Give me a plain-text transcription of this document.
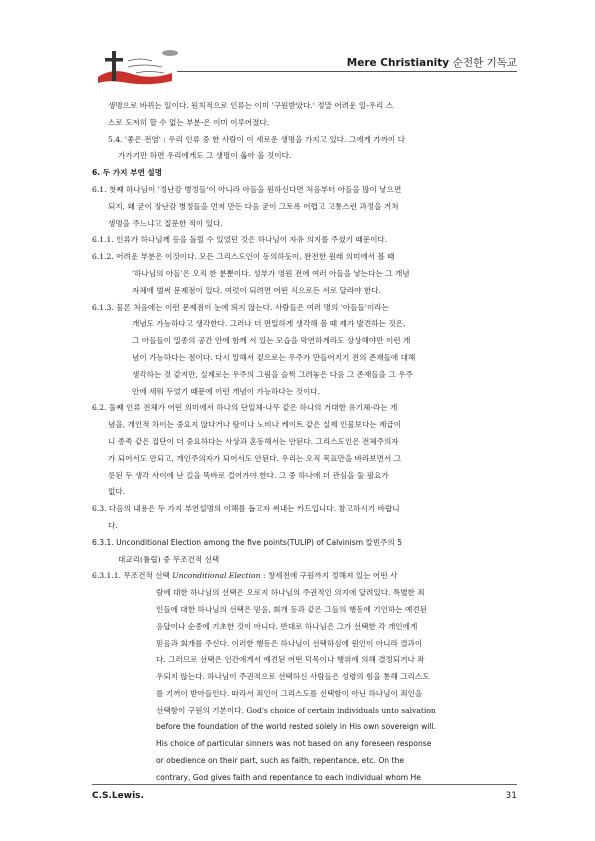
Mere Christianity 순전한 기독교
생명으로 바뀌는 일이다. 원칙적으로 인류는 이미 '구원받았다.' 정말 어려운 일-우리 스
스로 도저히 할 수 없는 부분-은 이미 이루어졌다.
5.4. '좋은 전염' : 우리 인류 중 한 사람이 이 새로운 생명을 가지고 있다. 그에게 가까이 다
가가기만 하면 우리에게도 그 생명이 옮아 올 것이다.
6. 두 가지 부연 설명
6.1. 첫째 하나님이 '정난감 병정들'이 아니라 아들을 원하신다면 처음부터 아들을 많이 낳으면
되지, 왜 굳이 장난감 병정들을 먼저 만든 다음 굳이 그토록 어렵고 고통스런 과정을 거쳐
생명을 주느냐고 질문한 적이 있다.
6.1.1. 인류가 하나님께 등을 돌릴 수 있었던 것은 하나님이 자유 의지를 주셨기 때문이다.
6.1.2. 어려운 부분은 이것이다. 모든 그리스도인이 동의하듯이, 완전한 원래 의미에서 볼 때
'하나님의 아들'은 오직 한 분뿐이다. 성부가 영원 전에 여러 아들을 낳는다는 그 개념
자체에 벌써 문제점이 있다. 여럿이 되려면 어떤 식으로든 서로 달라야 한다.
6.1.3. 물론 처음에는 이런 문제점이 눈에 띄지 않는다. 사람들은 여러 명의 '아들들'이라는
개념도 가능하다고 생각한다. 그러나 더 면밀하게 생각해 볼 때 제가 발견하는 것은,
그 아들들이 밀종의 공간 안에 함께 서 있는 모습을 막연하게라도 상상해야만 이런 개
념이 가능하다는 점이다. 다시 말해서 겉으로는 우주가 만들어지기 전의 존재들에 대해
생각하는 것 같지만, 실제로는 우주의 그림을 슬쩍 그려놓은 다음 그 존재들을 그 우주
안에 세워 두었기 때문에 이런 개념이 가능하다는 것이다.
6.2. 둘째 인류 전체가 어떤 의미에서 하나의 단일체-나무 같은 하나의 거대한 유기체-라는 개
념을, 개인적 차이는 중요지 않다거나 탐이나 노비나 케이트 같은 실제 인물보다는 계급이
니 종족 같은 집단이 더 중요하다는 사상과 혼동해서는 안된다. 그리스도인은 전체주의자
가 되어서도 안되고, 개인주의자가 되어서도 안된다. 우리는 오직 목표만을 바라보면서 그
릇된 두 생각 사이에 난 길을 똑바로 걸어가야 한다. 그 중 하나에 더 관심을 둘 필요가
없다.
6.3. 다음의 내용은 두 가지 부연설명의 이해를 돕고자 써내는 카드입니다. 참고하시기 바랍니
다.
6.3.1. Unconditional Election among the five points(TULIP) of Calvinism 칼빈주의 5
대교리(튤립) 중 무조건적 선택
6.3.1.1. 무조건적 선택 Unconditional Election : 창세전에 구원까지 정해져 있는 어떤 사
람에 대한 하나님의 선택은 오로지 하나님의 주권적인 의지에 달려있다. 특별한 죄
인들에 대한 하나님의 선택은 믿음, 회개 등과 같은 그들의 행동에 기인하는 예견된
응답이나 순종에 기초한 것이 아니다. 반대로 하나님은 그가 선택한 각 개인에게
믿음과 회개를 주신다. 이러한 행동은 하나님이 선택하심에 원인이 아니라 결과이
다. 그러므로 선택은 인간에게서 예견된 어떤 덕목이나 행위에 의해 결정되거나 좌
우되지 않는다. 하나님이 주권적으로 선택하신 사람들은 성령의 힘을 통해 그리스도
를 기꺼이 받아들인다. 따라서 죄인이 그리스도를 선택함이 아닌 하나님이 죄인을
선택함이 구원의 기본이다. God's choice of certain individuals unto salvation
before the foundation of the world rested solely in His own sovereign will.
His choice of particular sinners was not based on any foreseen response
or obedience on their part, such as faith, repentance, etc. On the
contrary, God gives faith and repentance to each individual whom He
C.S.Lewis.	31
